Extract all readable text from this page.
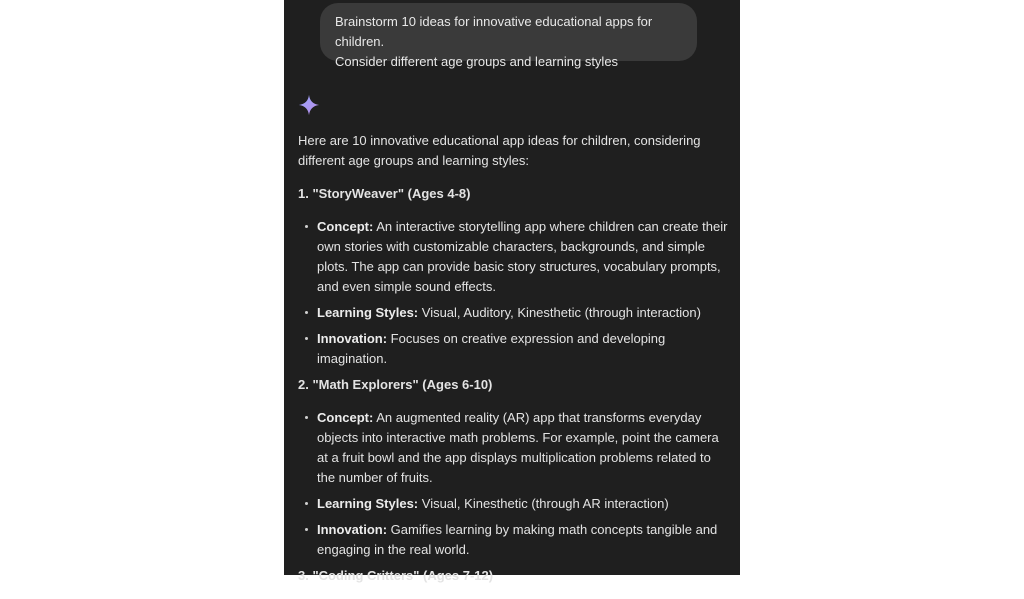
Brainstorm 10 ideas for innovative educational apps for children.
Consider different age groups and learning styles

Here are 10 innovative educational app ideas for children, considering
different age groups and learning styles:

1. "StoryWeaver" (Ages 4-8)

Concept: An interactive storytelling app where children can create their own stories with customizable characters, backgrounds, and simple plots. The app can provide basic story structures, vocabulary prompts, and even simple sound effects.
Learning Styles: Visual, Auditory, Kinesthetic (through interaction)
Innovation: Focuses on creative expression and developing imagination.

2. "Math Explorers" (Ages 6-10)

Concept: An augmented reality (AR) app that transforms everyday objects into interactive math problems. For example, point the camera at a fruit bowl and the app displays multiplication problems related to the number of fruits.
Learning Styles: Visual, Kinesthetic (through AR interaction)
Innovation: Gamifies learning by making math concepts tangible and engaging in the real world.

3. "Coding Critters" (Ages 7-12)
